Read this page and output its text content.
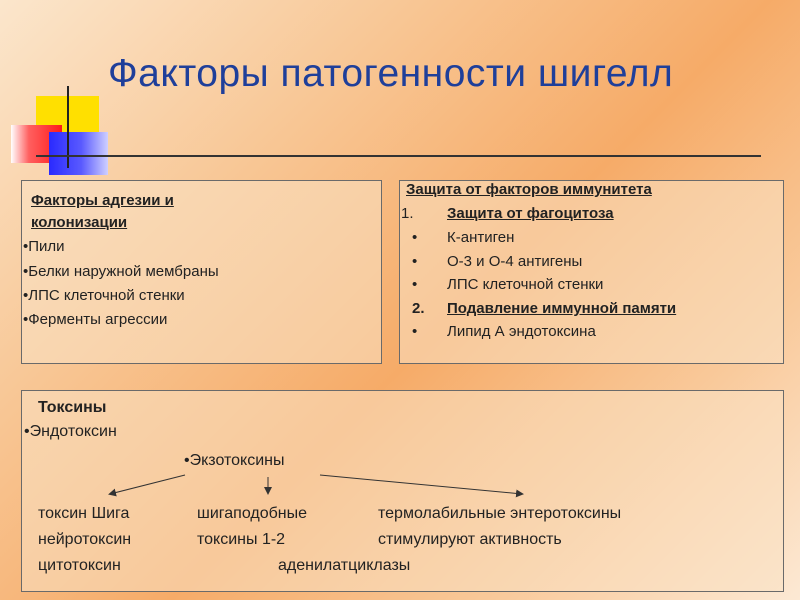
Факторы патогенности шигелл
Факторы адгезии и
колонизации
•Пили
•Белки наружной мембраны
•ЛПС клеточной стенки
•Ферменты агрессии
Защита от факторов иммунитета
1. Защита от фагоцитоза
• К-антиген
• О-3 и О-4 антигены
• ЛПС клеточной стенки
2. Подавление иммунной памяти
• Липид А эндотоксина
Токсины
•Эндотоксин
•Экзотоксины
токсин Шига
нейротоксин
цитотоксин
шигаподобные
токсины 1-2
термолабильные энтеротоксины
стимулируют активность
аденилатциклазы
